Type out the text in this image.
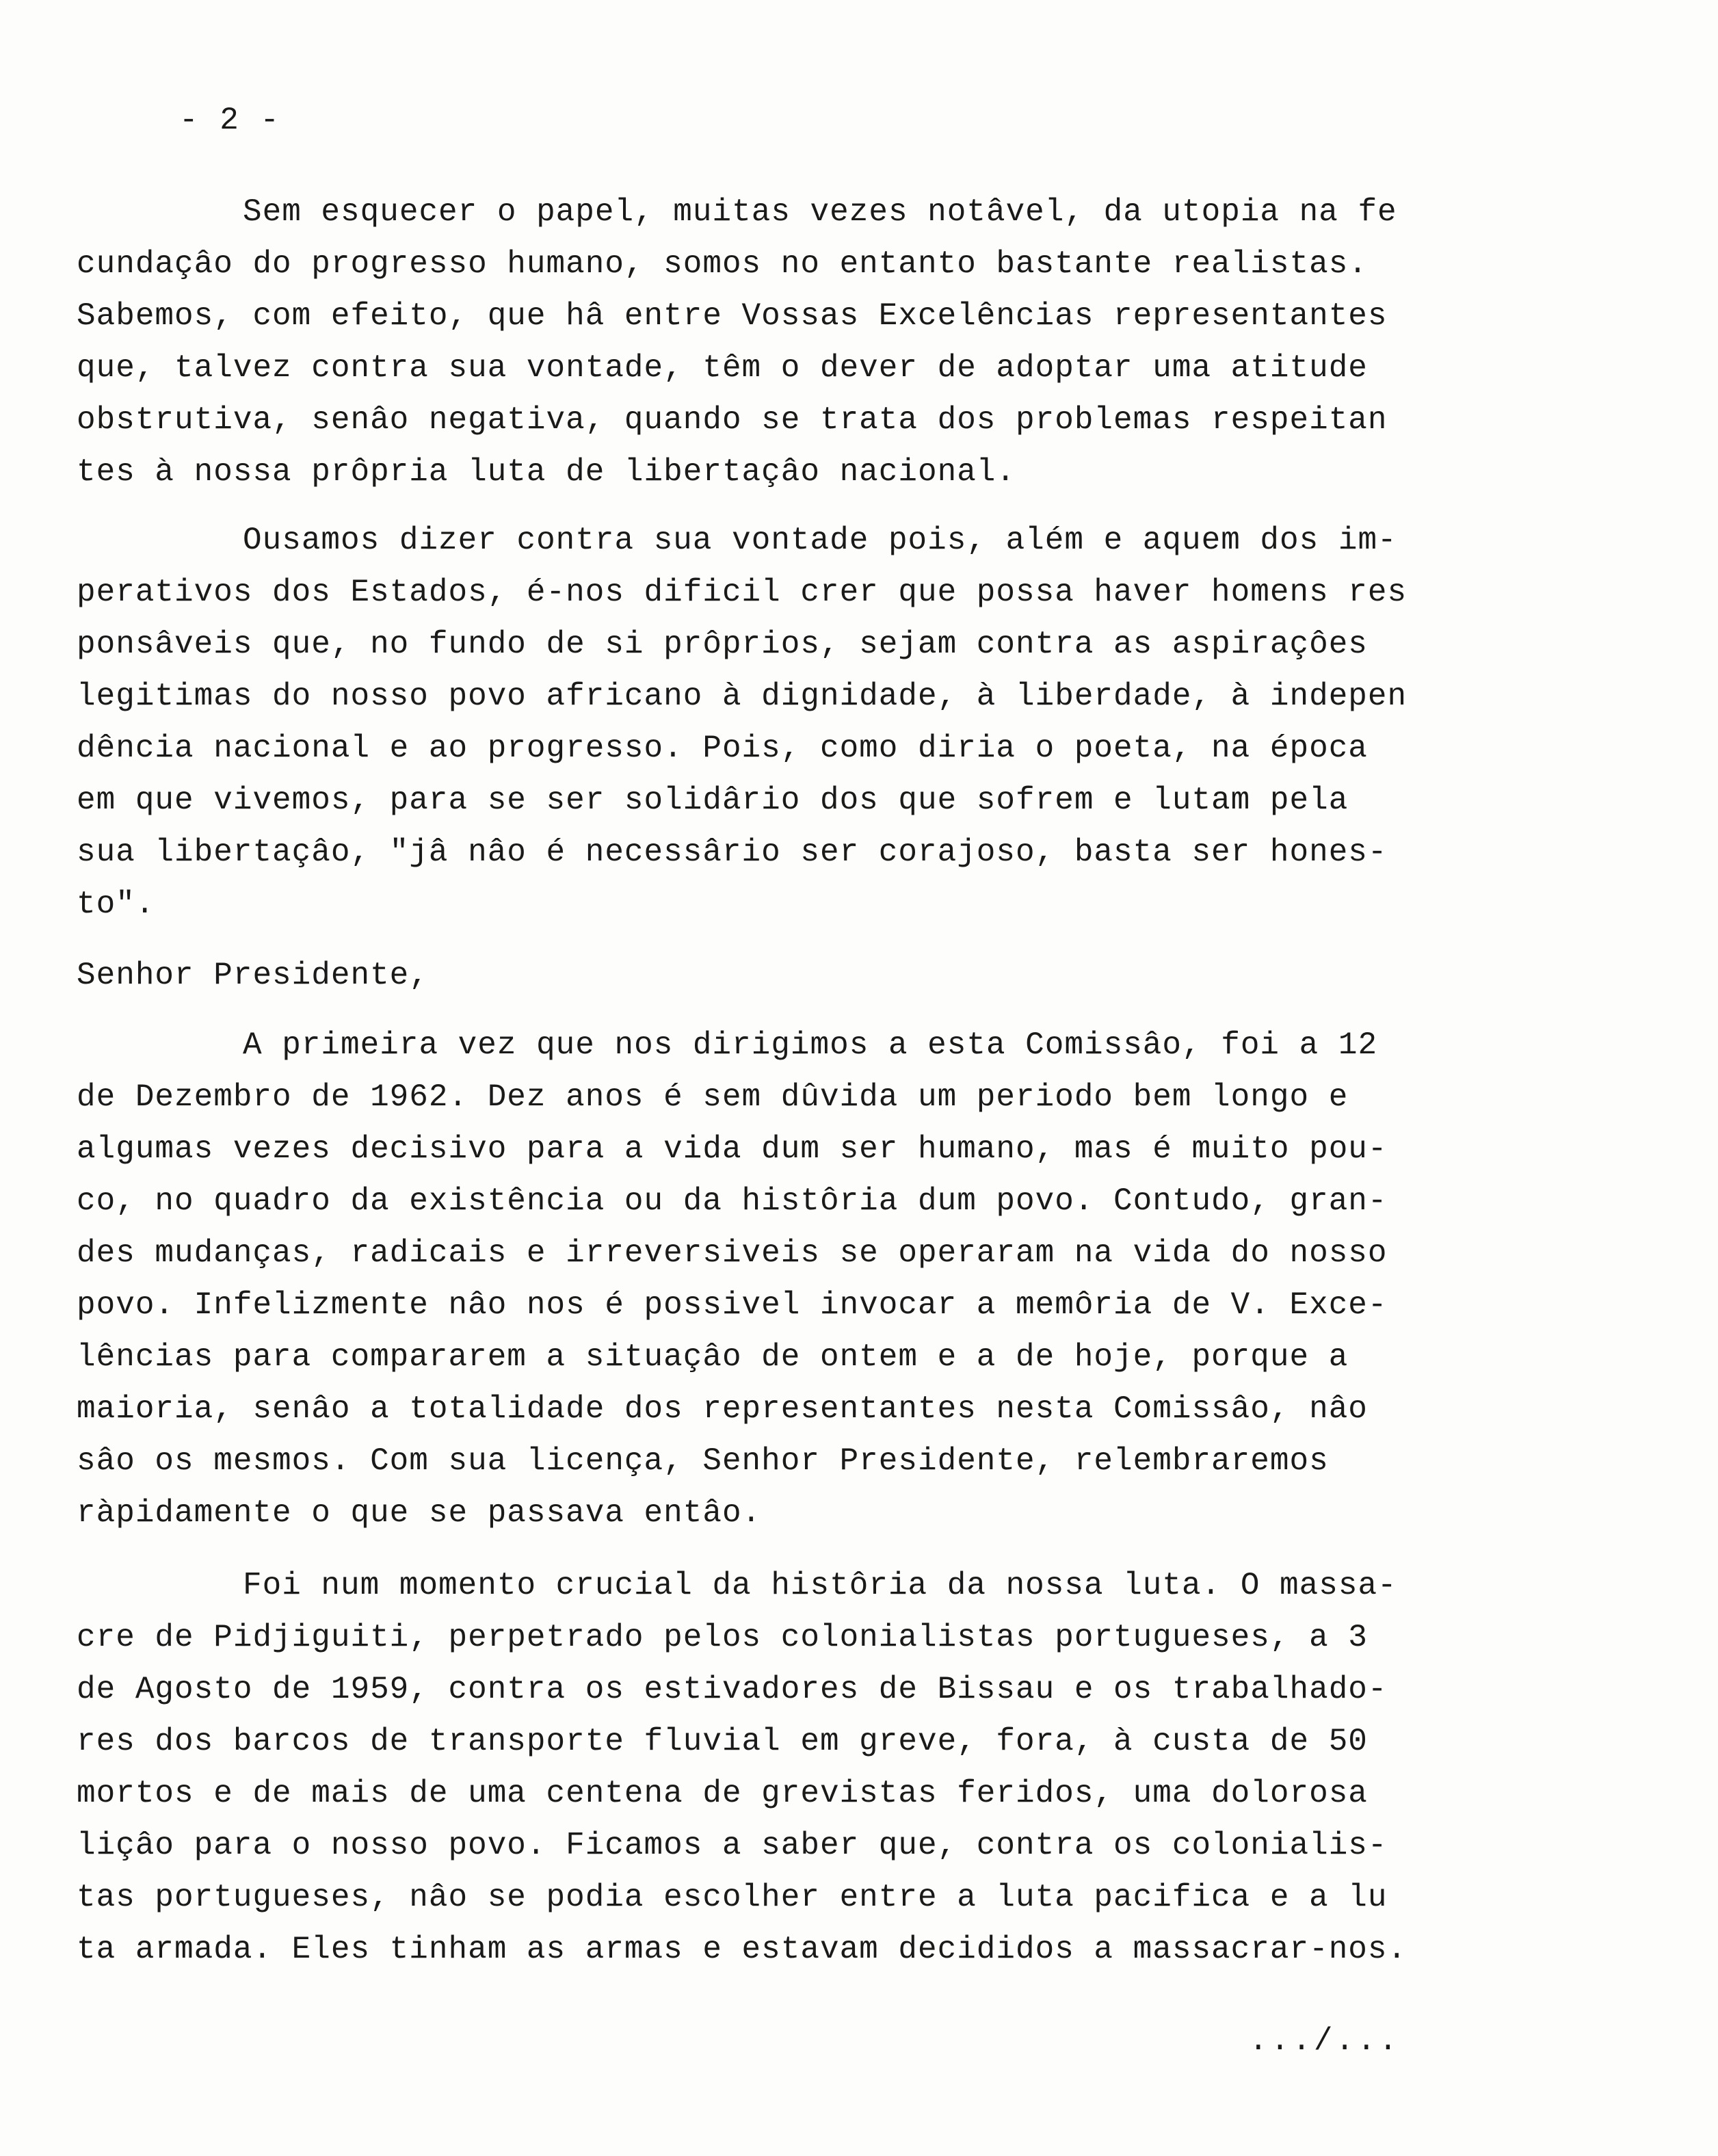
- 2 -
Sem esquecer o papel, muitas vezes notâvel, da utopia na fe
cundaçâo do progresso humano, somos no entanto bastante realistas.
Sabemos, com efeito, que hâ entre Vossas Excelências representantes
que, talvez contra sua vontade, têm o dever de adoptar uma atitude
obstrutiva, senâo negativa, quando se trata dos problemas respeitan
tes à nossa prôpria luta de libertaçâo nacional.
Ousamos dizer contra sua vontade pois, além e aquem dos im-
perativos dos Estados, é-nos dificil crer que possa haver homens res
ponsâveis que, no fundo de si prôprios, sejam contra as aspiraçôes
legitimas do nosso povo africano à dignidade, à liberdade, à indepen
dência nacional e ao progresso. Pois, como diria o poeta, na época
em que vivemos, para se ser solidârio dos que sofrem e lutam pela
sua libertaçâo, "jâ nâo é necessârio ser corajoso, basta ser hones-
to".
Senhor Presidente,
A primeira vez que nos dirigimos a esta Comissâo, foi a 12
de Dezembro de 1962. Dez anos é sem dûvida um periodo bem longo e
algumas vezes decisivo para a vida dum ser humano, mas é muito pou-
co, no quadro da existência ou da histôria dum povo. Contudo, gran-
des mudanças, radicais e irreversiveis se operaram na vida do nosso
povo. Infelizmente nâo nos é possivel invocar a memôria de V. Exce-
lências para compararem a situaçâo de ontem e a de hoje, porque a
maioria, senâo a totalidade dos representantes nesta Comissâo, nâo
sâo os mesmos. Com sua licença, Senhor Presidente, relembraremos
ràpidamente o que se passava entâo.
Foi num momento crucial da histôria da nossa luta. O massa-
cre de Pidjiguiti, perpetrado pelos colonialistas portugueses, a 3
de Agosto de 1959, contra os estivadores de Bissau e os trabalhado-
res dos barcos de transporte fluvial em greve, fora, à custa de 50
mortos e de mais de uma centena de grevistas feridos, uma dolorosa
liçâo para o nosso povo. Ficamos a saber que, contra os colonialis-
tas portugueses, nâo se podia escolher entre a luta pacifica e a lu
ta armada. Eles tinham as armas e estavam decididos a massacrar-nos.
.../...
